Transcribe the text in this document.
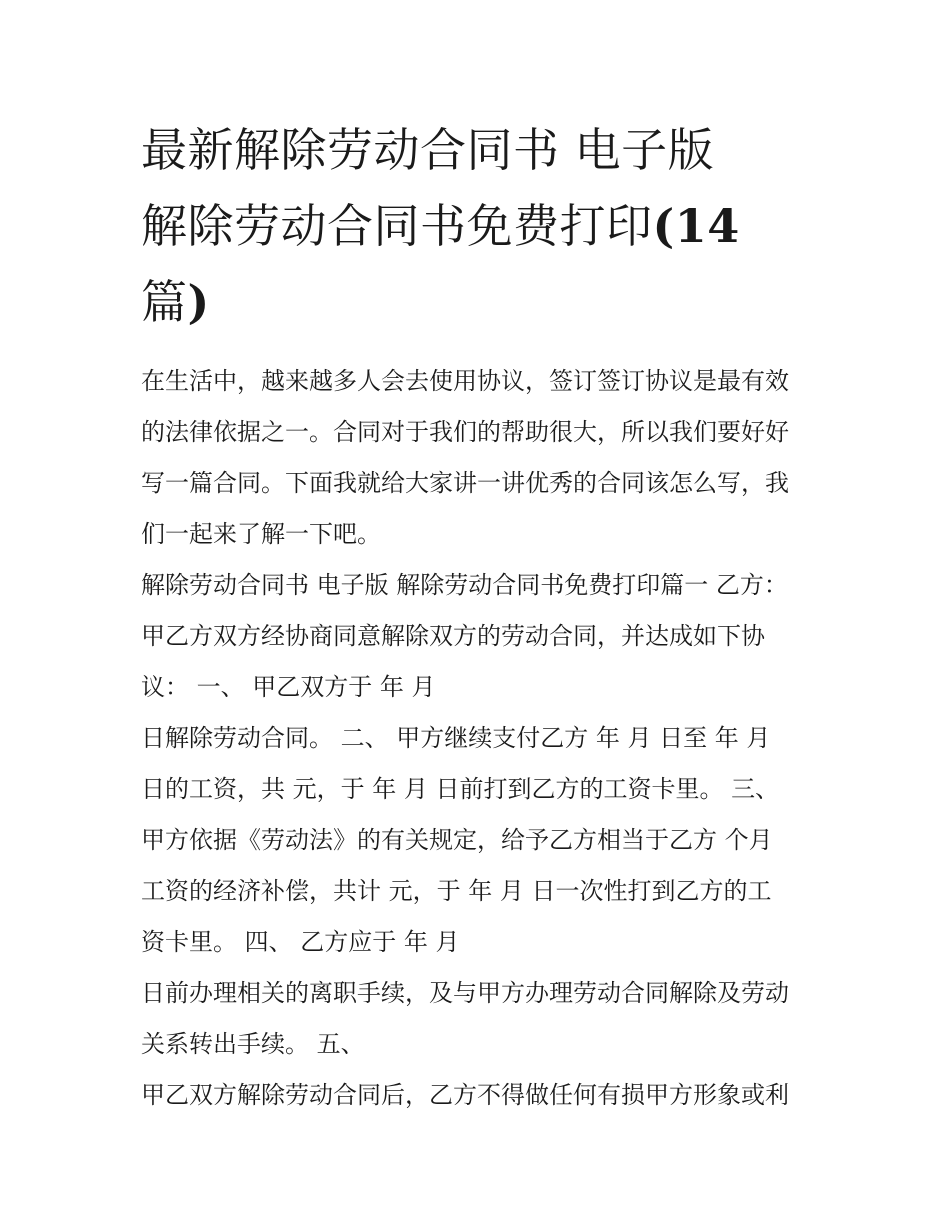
最新解除劳动合同书 电子版
解除劳动合同书免费打印(14
篇)
在生活中，越来越多人会去使用协议，签订签订协议是最有效
的法律依据之一。合同对于我们的帮助很大，所以我们要好好
写一篇合同。下面我就给大家讲一讲优秀的合同该怎么写，我
们一起来了解一下吧。
解除劳动合同书 电子版 解除劳动合同书免费打印篇一 乙方：
甲乙方双方经协商同意解除双方的劳动合同，并达成如下协
议： 一、 甲乙双方于 年 月
日解除劳动合同。 二、 甲方继续支付乙方 年 月 日至 年 月
日的工资，共 元，于 年 月 日前打到乙方的工资卡里。 三、
甲方依据《劳动法》的有关规定，给予乙方相当于乙方 个月
工资的经济补偿，共计 元，于 年 月 日一次性打到乙方的工
资卡里。 四、 乙方应于 年 月
日前办理相关的离职手续，及与甲方办理劳动合同解除及劳动
关系转出手续。 五、
甲乙双方解除劳动合同后，乙方不得做任何有损甲方形象或利
